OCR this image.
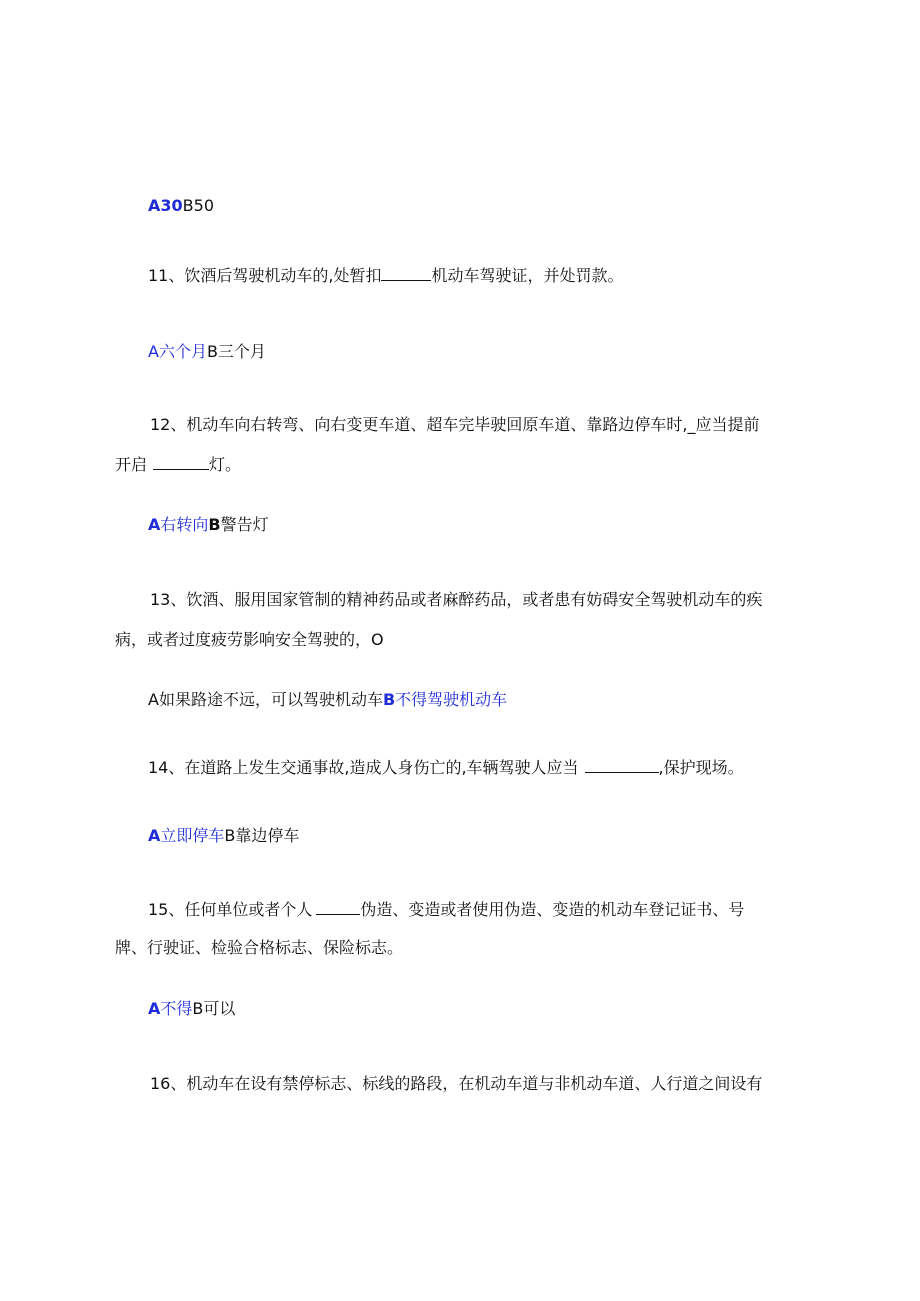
A30B50
11、饮酒后驾驶机动车的,处暂扣	机动车驾驶证，并处罚款。
A六个月B三个月
12、机动车向右转弯、向右变更车道、超车完毕驶回原车道、靠路边停车时,_应当提前
开启	灯。
A右转向B警告灯
13、饮酒、服用国家管制的精神药品或者麻醉药品，或者患有妨碍安全驾驶机动车的疾
病，或者过度疲劳影响安全驾驶的，O
A如果路途不远，可以驾驶机动车B不得驾驶机动车
14、在道路上发生交通事故,造成人身伤亡的,车辆驾驶人应当	,保护现场。
A立即停车B靠边停车
15、任何单位或者个人	伪造、变造或者使用伪造、变造的机动车登记证书、号
牌、行驶证、检验合格标志、保险标志。
A不得B可以
16、机动车在设有禁停标志、标线的路段，在机动车道与非机动车道、人行道之间设有
